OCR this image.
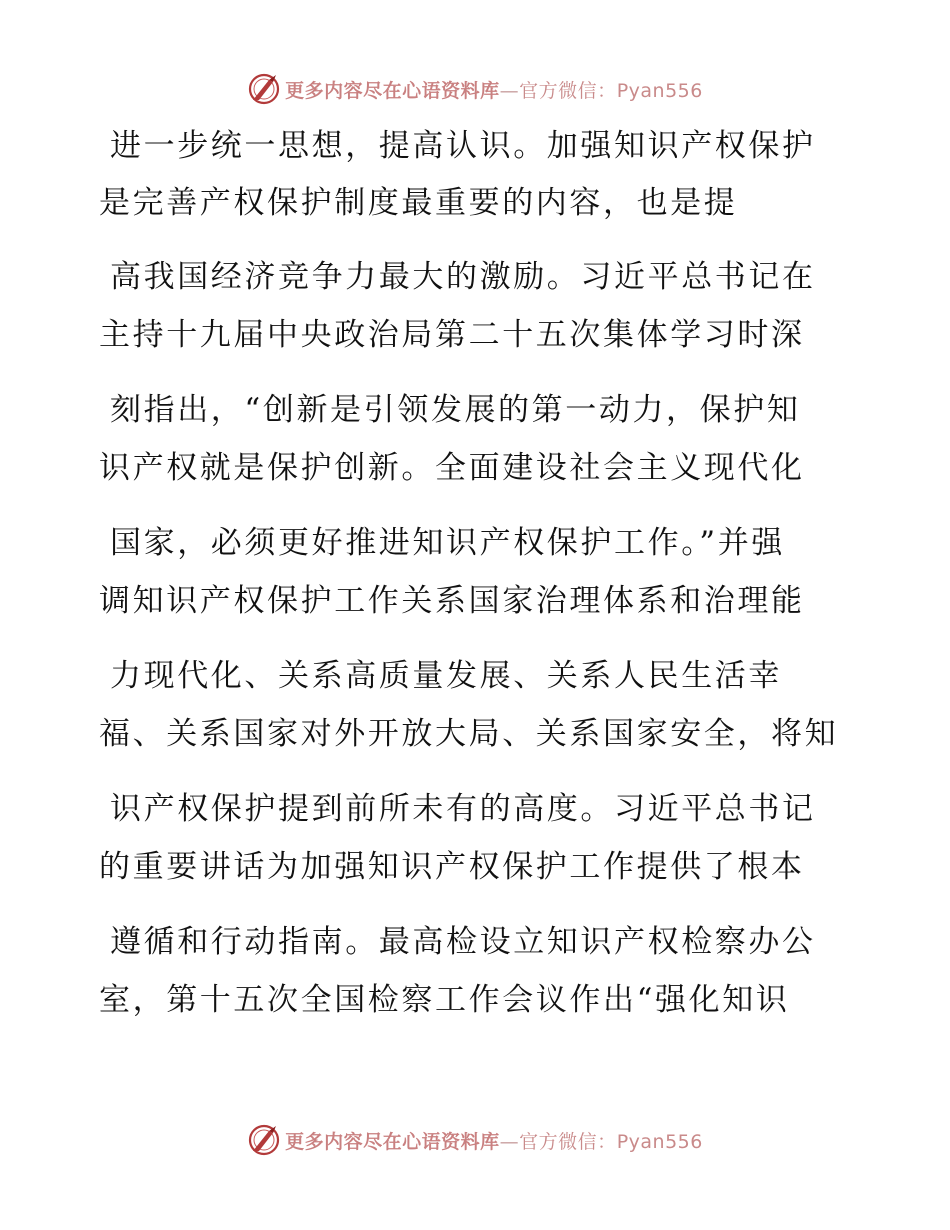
更多内容尽在心语资料库—官方微信：Pyan556
进一步统一思想，提高认识。加强知识产权保护
是完善产权保护制度最重要的内容，也是提
高我国经济竞争力最大的激励。习近平总书记在
主持十九届中央政治局第二十五次集体学习时深
刻指出，“创新是引领发展的第一动力，保护知
识产权就是保护创新。全面建设社会主义现代化
国家，必须更好推进知识产权保护工作。”并强
调知识产权保护工作关系国家治理体系和治理能
力现代化、关系高质量发展、关系人民生活幸
福、关系国家对外开放大局、关系国家安全，将知
识产权保护提到前所未有的高度。习近平总书记
的重要讲话为加强知识产权保护工作提供了根本
遵循和行动指南。最高检设立知识产权检察办公
室，第十五次全国检察工作会议作出“强化知识
更多内容尽在心语资料库—官方微信：Pyan556
